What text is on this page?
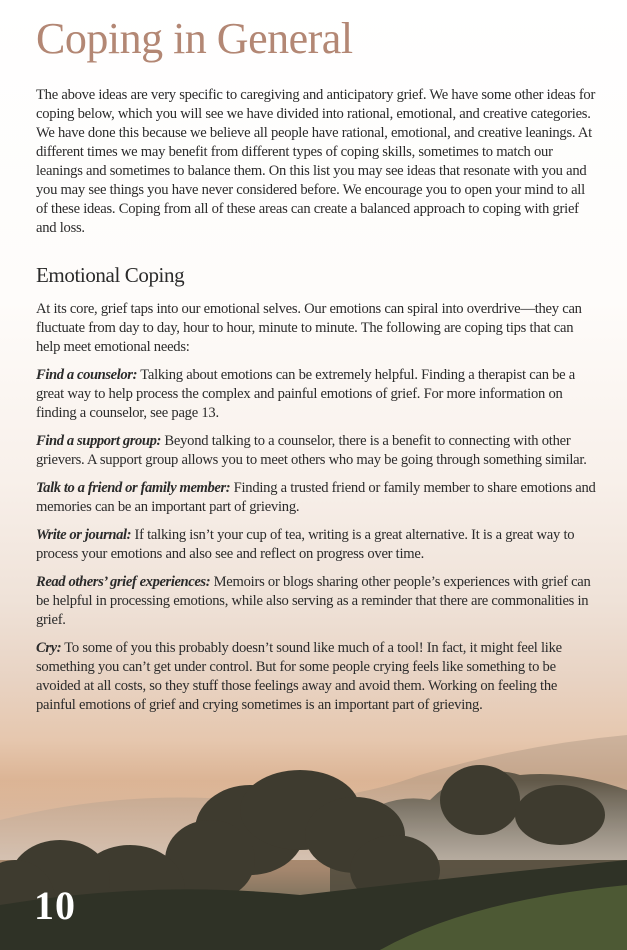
Coping in General

The above ideas are very specific to caregiving and anticipatory grief. We have some other ideas for coping below, which you will see we have divided into rational, emotional, and creative categories. We have done this because we believe all people have rational, emotional, and creative leanings. At different times we may benefit from different types of coping skills, sometimes to match our leanings and sometimes to balance them. On this list you may see ideas that resonate with you and you may see things you have never considered before. We encourage you to open your mind to all of these ideas. Coping from all of these areas can create a balanced approach to coping with grief and loss.

Emotional Coping

At its core, grief taps into our emotional selves. Our emotions can spiral into overdrive—they can fluctuate from day to day, hour to hour, minute to minute. The following are coping tips that can help meet emotional needs:

Find a counselor: Talking about emotions can be extremely helpful. Finding a therapist can be a great way to help process the complex and painful emotions of grief. For more information on finding a counselor, see page 13.

Find a support group: Beyond talking to a counselor, there is a benefit to connecting with other grievers. A support group allows you to meet others who may be going through something similar.

Talk to a friend or family member: Finding a trusted friend or family member to share emotions and memories can be an important part of grieving.

Write or journal: If talking isn’t your cup of tea, writing is a great alternative. It is a great way to process your emotions and also see and reflect on progress over time.

Read others’ grief experiences: Memoirs or blogs sharing other people’s experiences with grief can be helpful in processing emotions, while also serving as a reminder that there are commonalities in grief.

Cry: To some of you this probably doesn’t sound like much of a tool! In fact, it might feel like something you can’t get under control. But for some people crying feels like something to be avoided at all costs, so they stuff those feelings away and avoid them. Working on feeling the painful emotions of grief and crying sometimes is an important part of grieving.

10
